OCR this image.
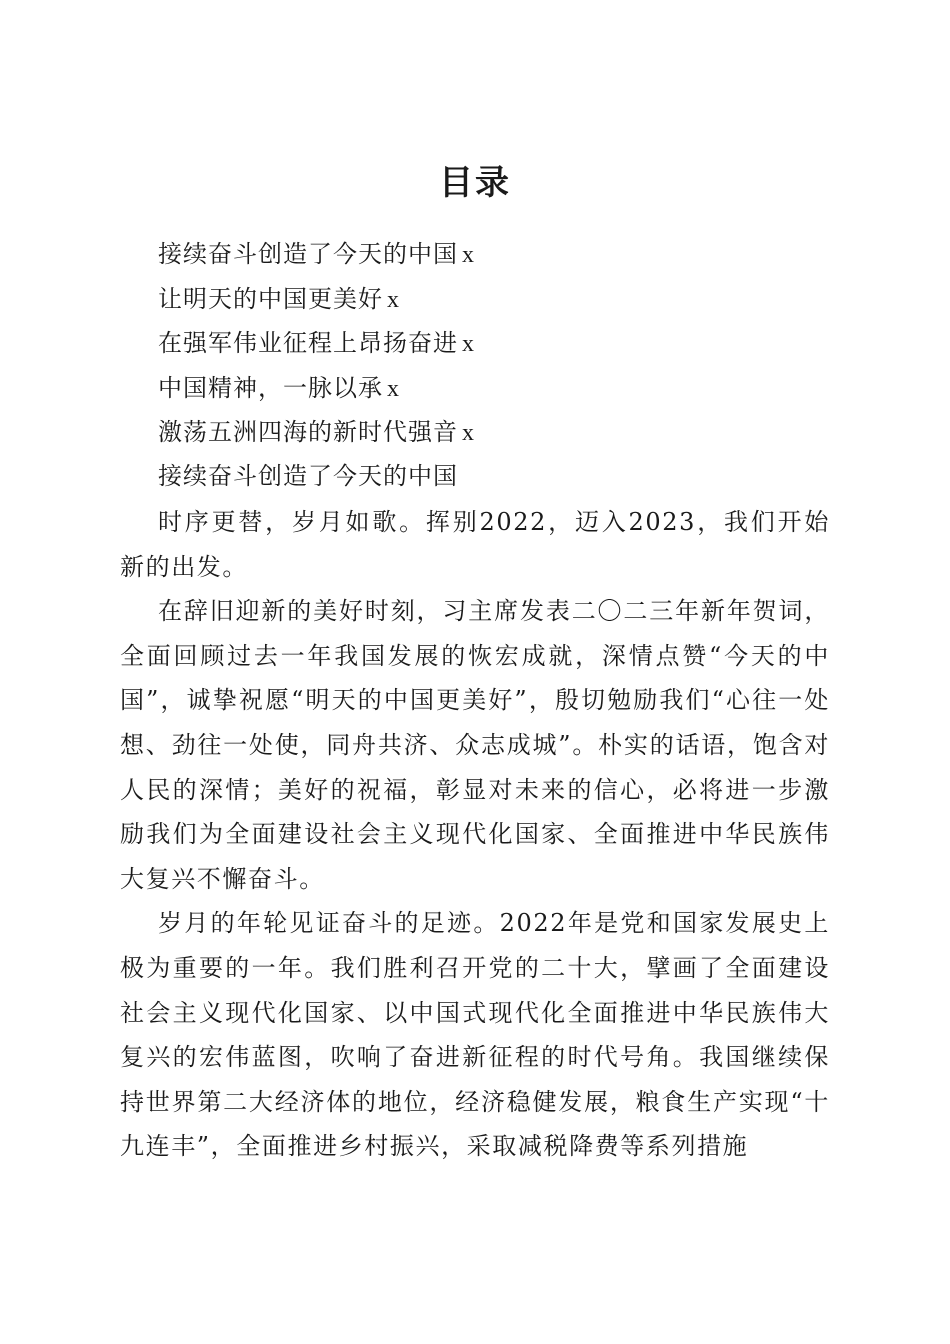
目录
接续奋斗创造了今天的中国 x
让明天的中国更美好 x
在强军伟业征程上昂扬奋进 x
中国精神，一脉以承 x
激荡五洲四海的新时代强音 x
接续奋斗创造了今天的中国

时序更替，岁月如歌。挥别2022，迈入2023，我们开始新的出发。

在辞旧迎新的美好时刻，习主席发表二〇二三年新年贺词，全面回顾过去一年我国发展的恢宏成就，深情点赞“今天的中国”，诚挚祝愿“明天的中国更美好”，殷切勉励我们“心往一处想、劲往一处使，同舟共济、众志成城”。朴实的话语，饱含对人民的深情；美好的祝福，彰显对未来的信心，必将进一步激励我们为全面建设社会主义现代化国家、全面推进中华民族伟大复兴不懈奋斗。

岁月的年轮见证奋斗的足迹。2022年是党和国家发展史上极为重要的一年。我们胜利召开党的二十大，擘画了全面建设社会主义现代化国家、以中国式现代化全面推进中华民族伟大复兴的宏伟蓝图，吹响了奋进新征程的时代号角。我国继续保持世界第二大经济体的地位，经济稳健发展，粮食生产实现“十九连丰”，全面推进乡村振兴，采取减税降费等系列措施
